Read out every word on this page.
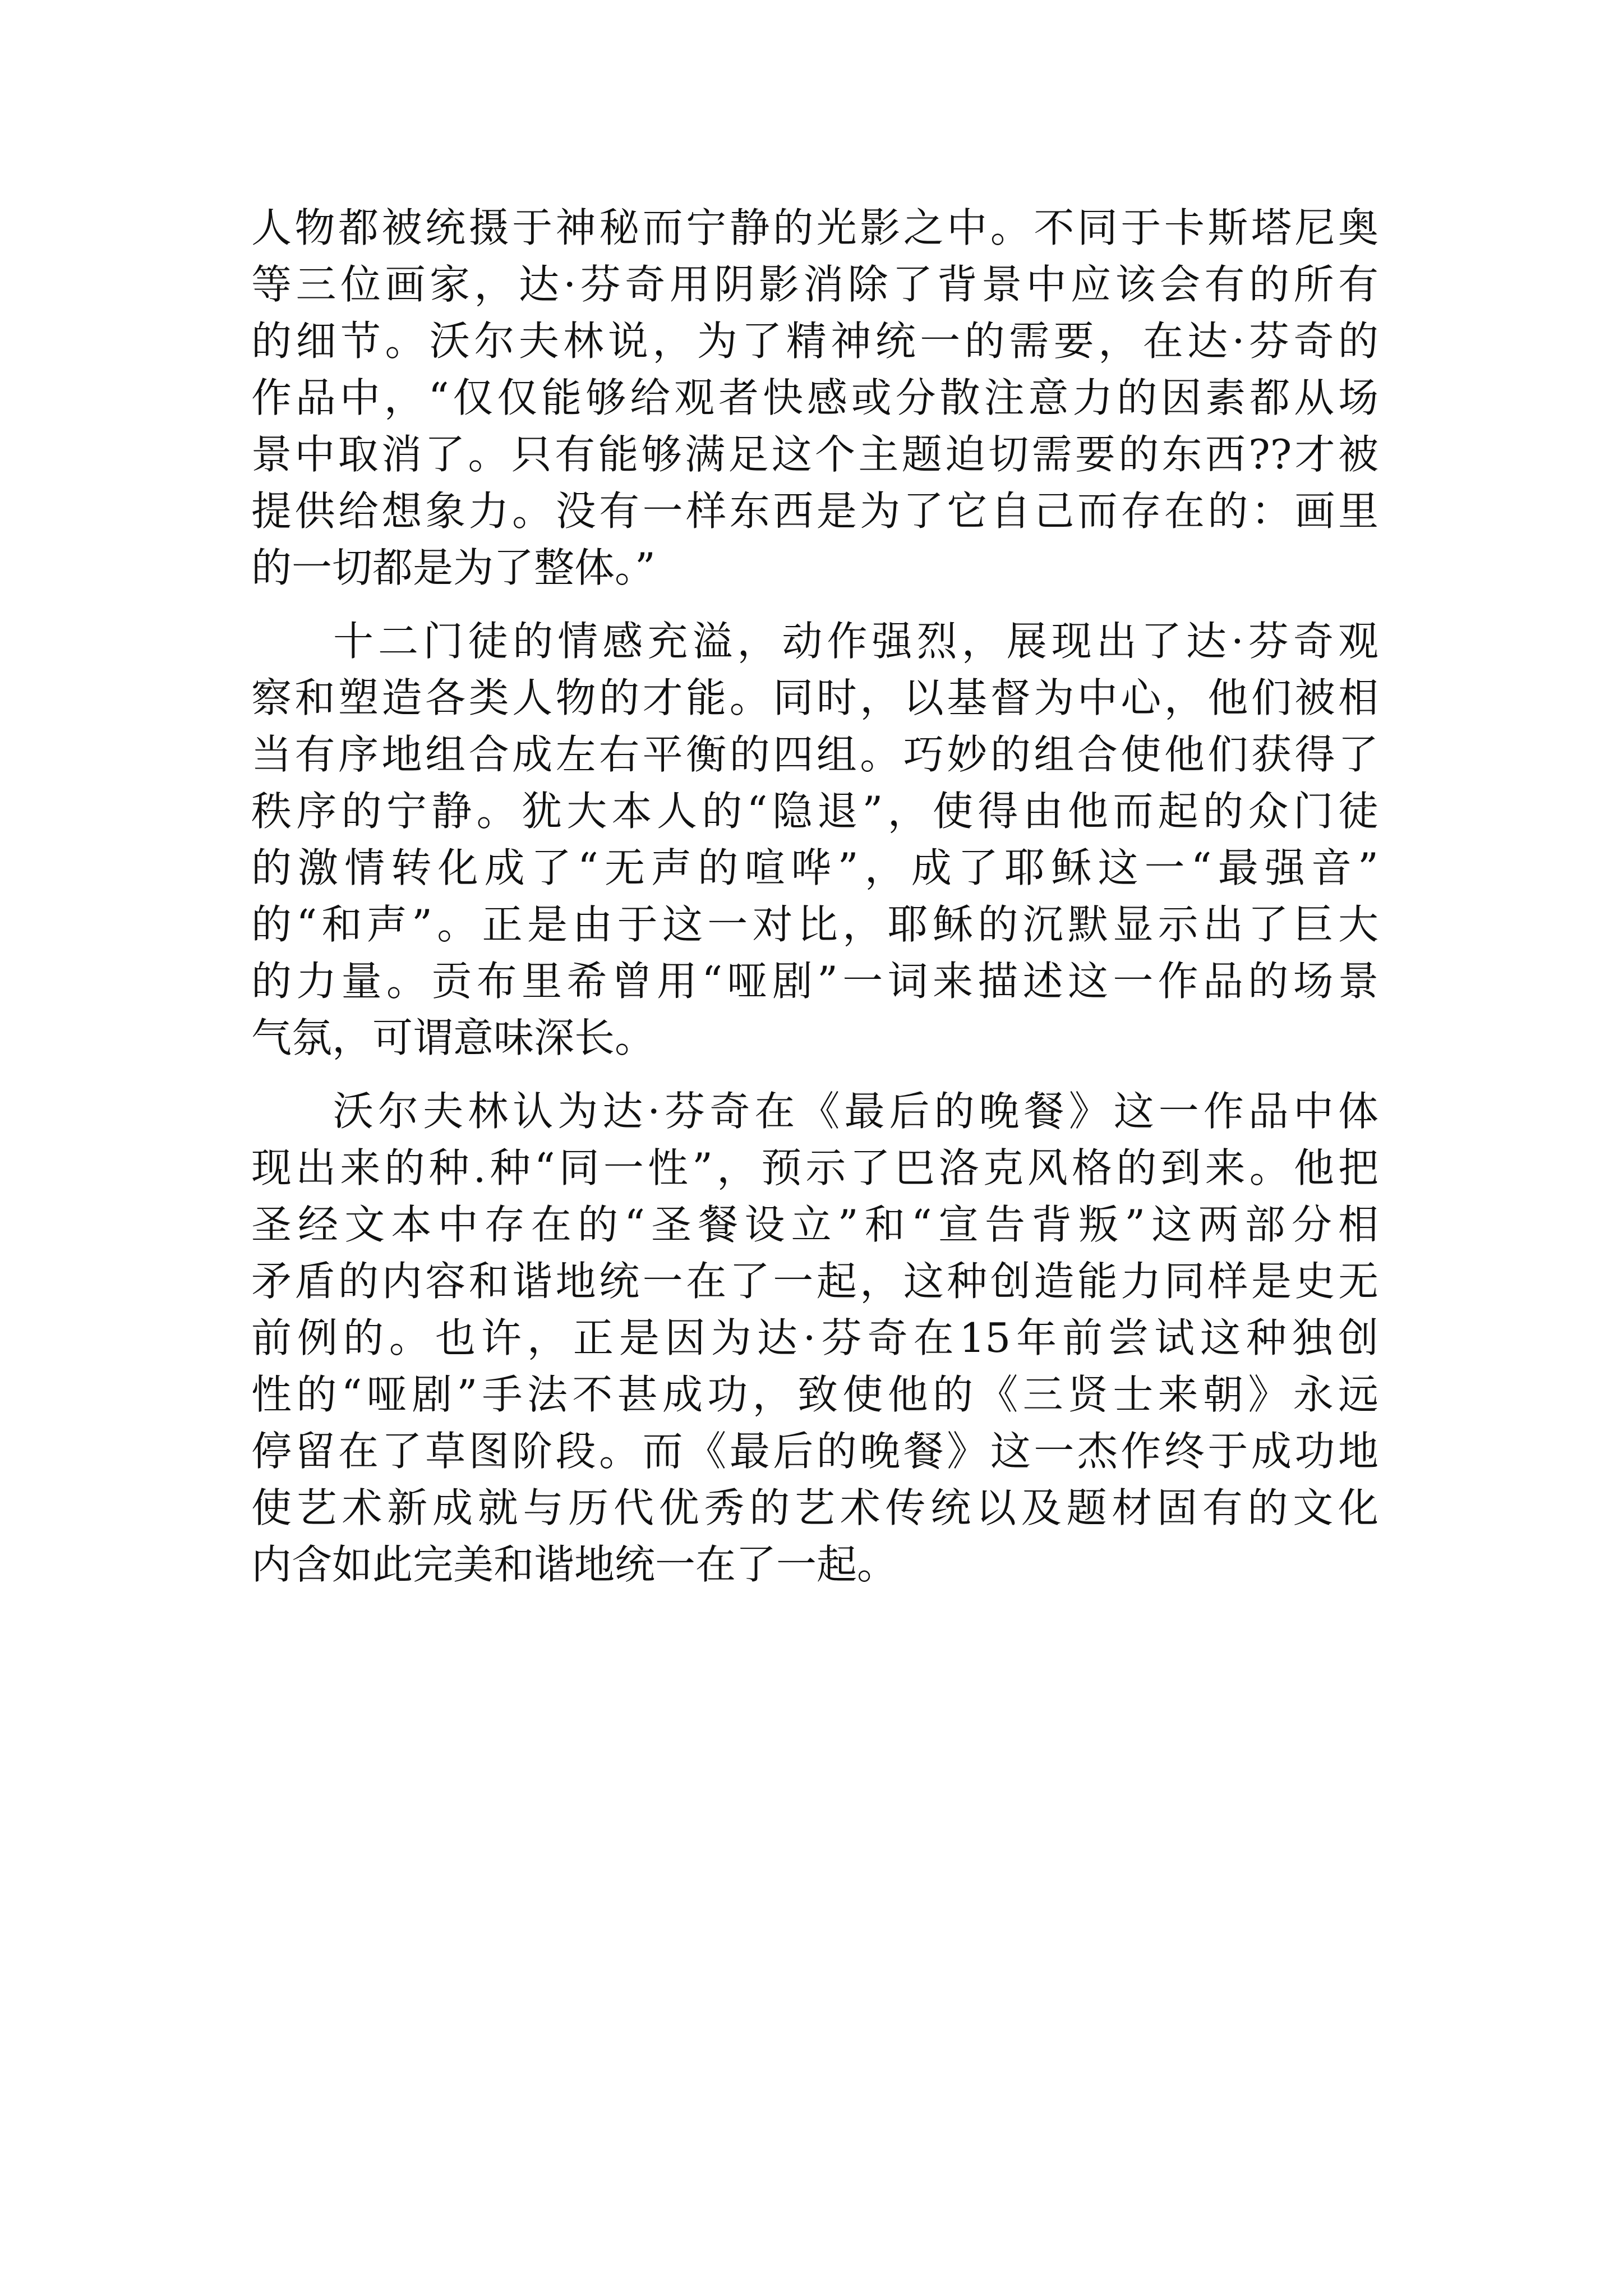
人物都被统摄于神秘而宁静的光影之中。不同于卡斯塔尼奥
等三位画家，达·芬奇用阴影消除了背景中应该会有的所有
的细节。沃尔夫林说，为了精神统一的需要，在达·芬奇的
作品中，“仅仅能够给观者快感或分散注意力的因素都从场
景中取消了。只有能够满足这个主题迫切需要的东西??才被
提供给想象力。没有一样东西是为了它自己而存在的：画里
的一切都是为了整体。”
十二门徒的情感充溢，动作强烈，展现出了达·芬奇观
察和塑造各类人物的才能。同时，以基督为中心，他们被相
当有序地组合成左右平衡的四组。巧妙的组合使他们获得了
秩序的宁静。犹大本人的“隐退”，使得由他而起的众门徒
的激情转化成了“无声的喧哗”，成了耶稣这一“最强音”
的“和声”。正是由于这一对比，耶稣的沉默显示出了巨大
的力量。贡布里希曾用“哑剧”一词来描述这一作品的场景
气氛，可谓意味深长。
沃尔夫林认为达·芬奇在《最后的晚餐》这一作品中体
现出来的种.种“同一性”，预示了巴洛克风格的到来。他把
圣经文本中存在的“圣餐设立”和“宣告背叛”这两部分相
矛盾的内容和谐地统一在了一起，这种创造能力同样是史无
前例的。也许，正是因为达·芬奇在15年前尝试这种独创
性的“哑剧”手法不甚成功，致使他的《三贤士来朝》永远
停留在了草图阶段。而《最后的晚餐》这一杰作终于成功地
使艺术新成就与历代优秀的艺术传统以及题材固有的文化
内含如此完美和谐地统一在了一起。
